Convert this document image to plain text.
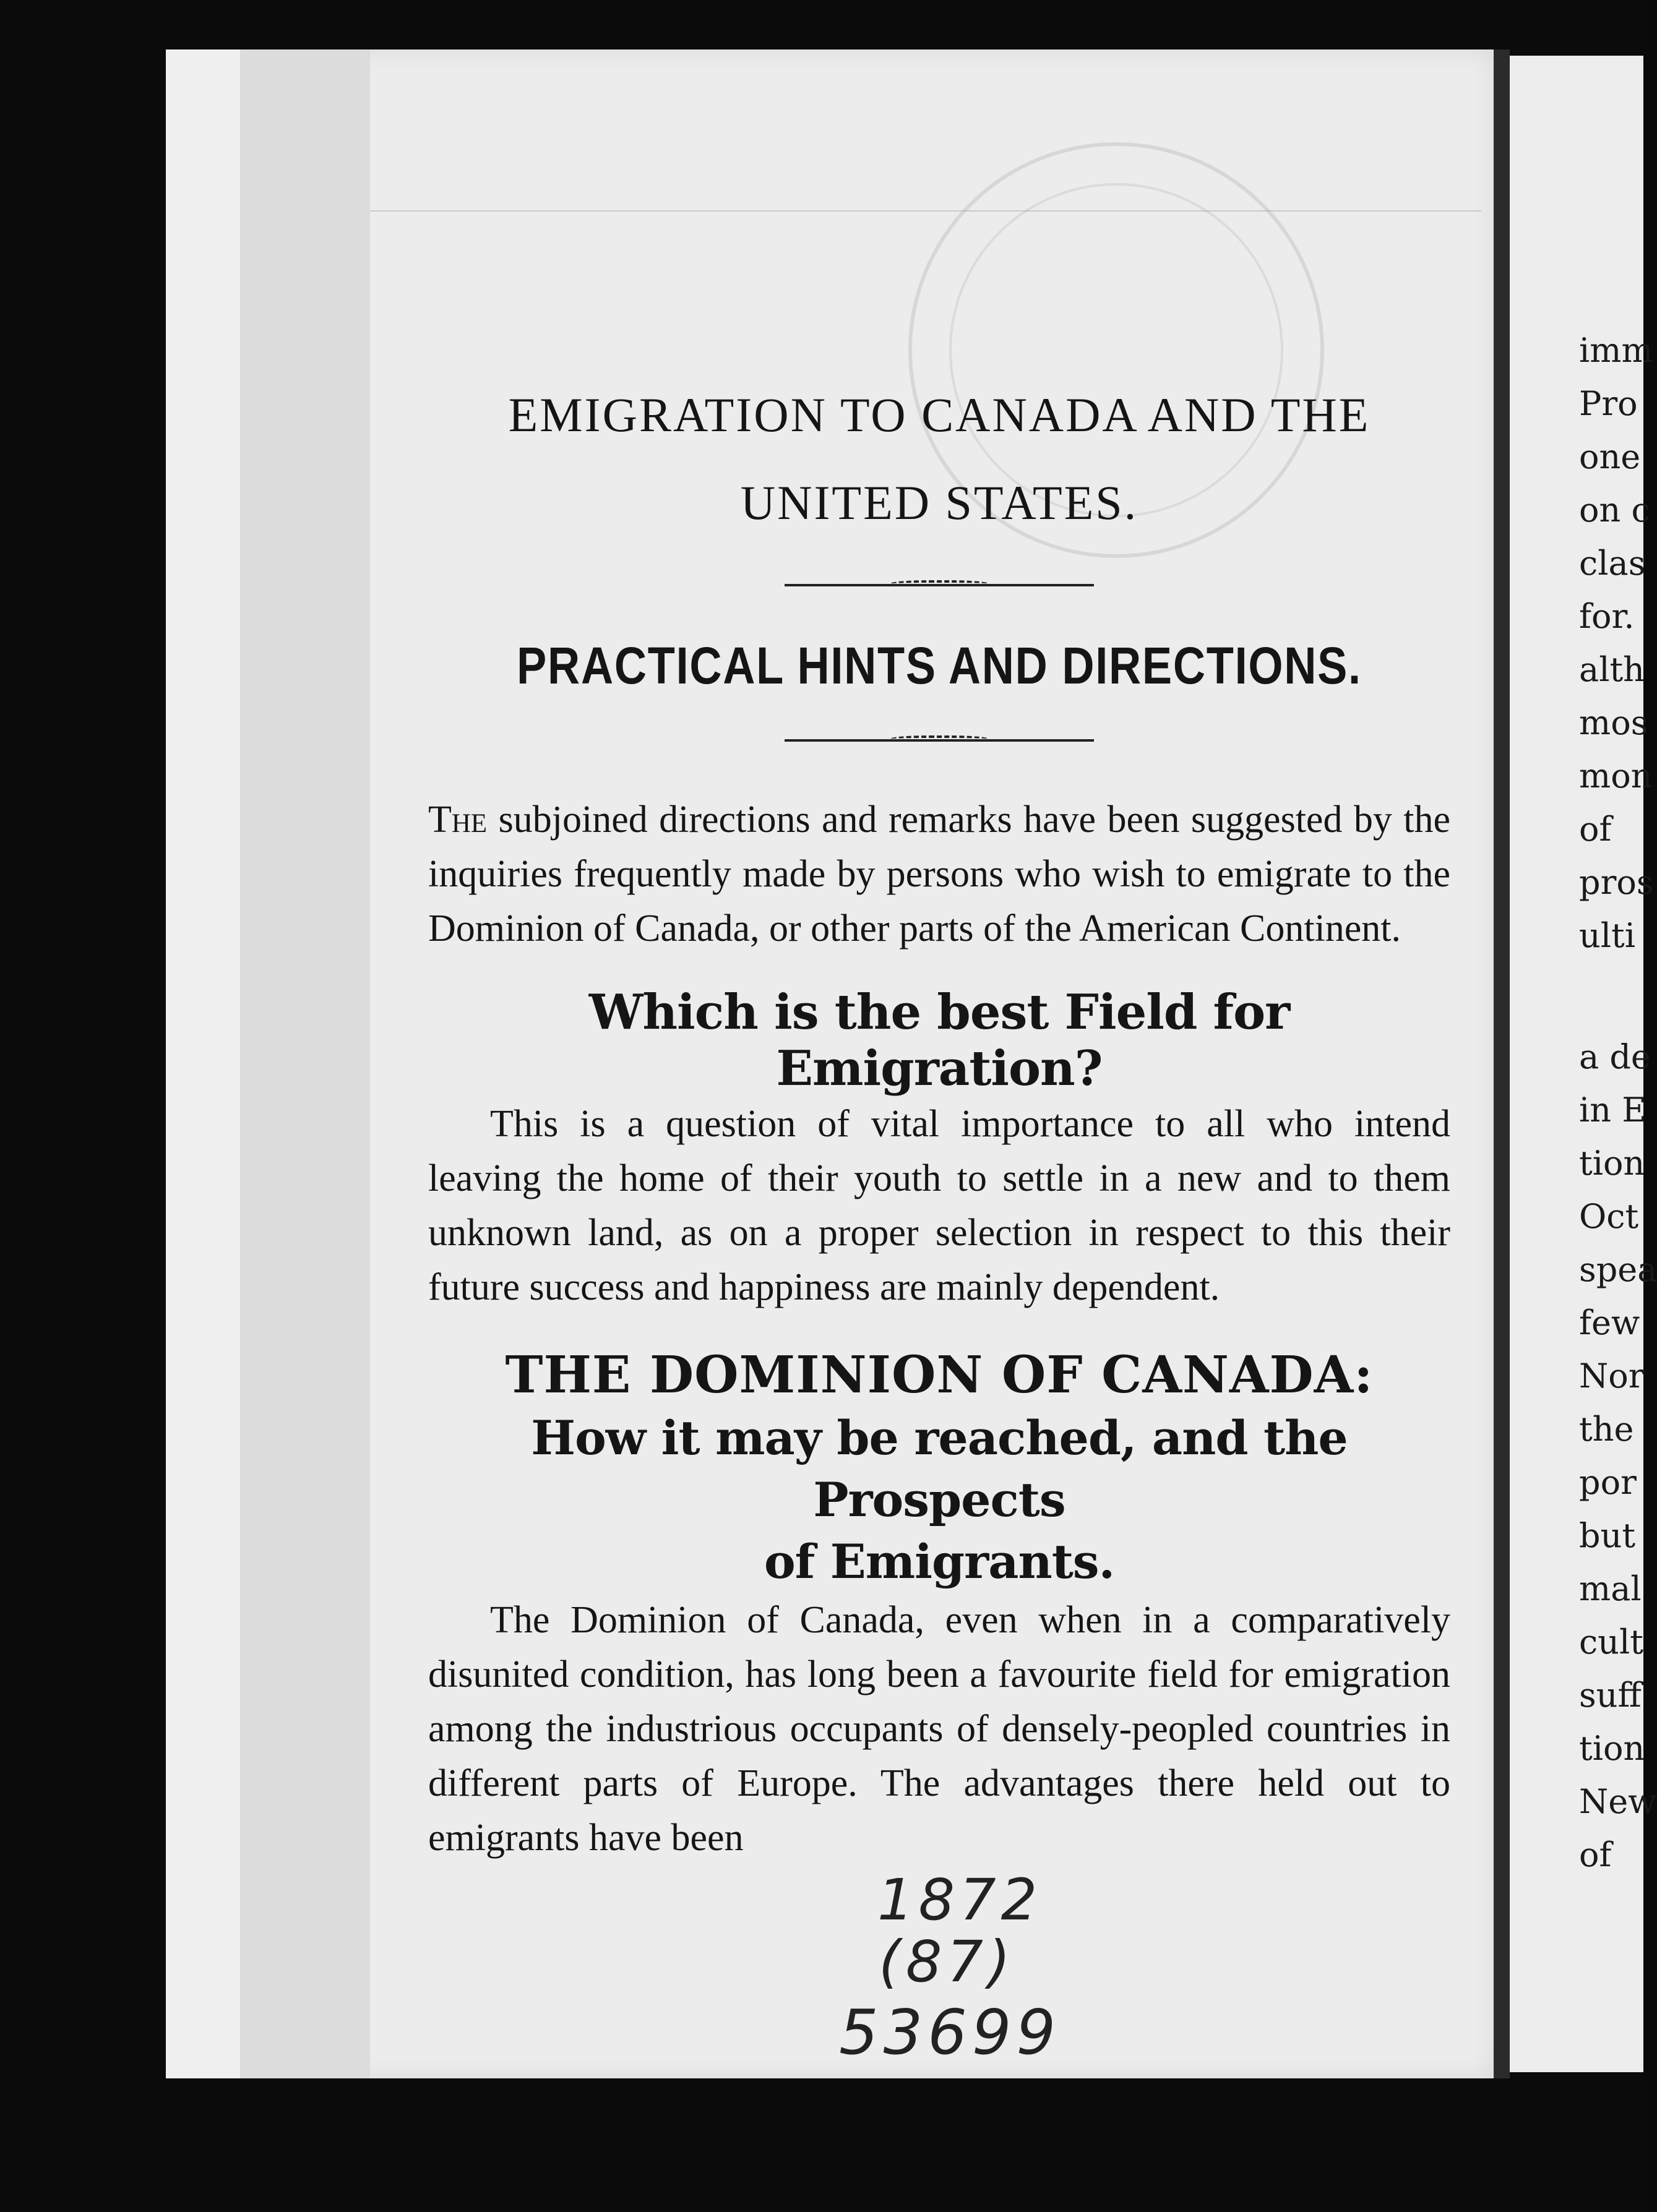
imm
Pro
one
on c
clas
for.
alth
mos
mon
of
pros
ulti
a de
in E
tion
Oct
spea
few
Nor
the
por
but
mal
cult
suff
tion
New
of
EMIGRATION TO CANADA AND THE
UNITED STATES.
PRACTICAL HINTS AND DIRECTIONS.

The subjoined directions and remarks have been suggested by the inquiries frequently made by persons who wish to emigrate to the Dominion of Canada, or other parts of the American Continent.

Which is the best Field for Emigration?

This is a question of vital importance to all who intend leaving the home of their youth to settle in a new and to them unknown land, as on a proper selection in respect to this their future success and happiness are mainly dependent.

THE DOMINION OF CANADA:
How it may be reached, and the Prospects
of Emigrants.

The Dominion of Canada, even when in a comparatively disunited condition, has long been a favourite field for emigration among the industrious occupants of densely-peopled countries in different parts of Europe. The advantages there held out to emigrants have been

1872
(87)
53699
